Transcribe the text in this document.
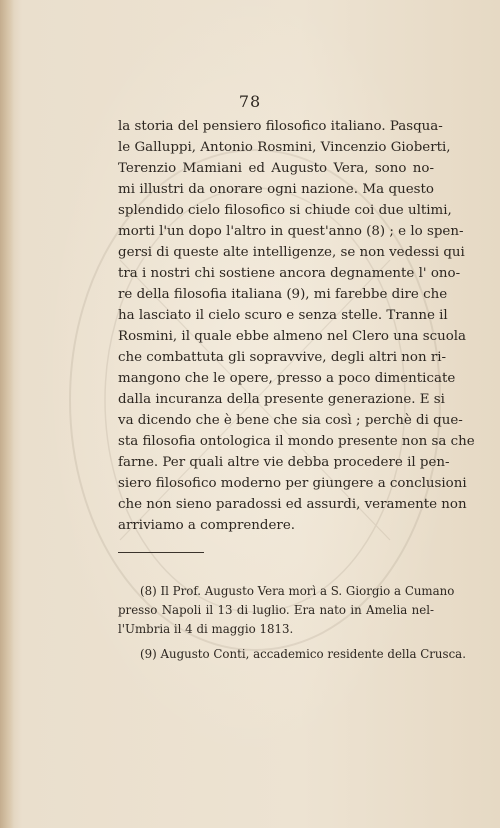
78
la storia del pensiero filosofico italiano. Pasqua-
le Galluppi, Antonio Rosmini, Vincenzio Gioberti,
Terenzio Mamiani ed Augusto Vera, sono no-
mi illustri da onorare ogni nazione. Ma questo
splendido cielo filosofico si chiude coi due ultimi,
morti l'un dopo l'altro in quest'anno (8) ; e lo spen-
gersi di queste alte intelligenze, se non vedessi qui
tra i nostri chi sostiene ancora degnamente l' ono-
re della filosofia italiana (9), mi farebbe dire che
ha lasciato il cielo scuro e senza stelle. Tranne il
Rosmini, il quale ebbe almeno nel Clero una scuola
che combattuta gli sopravvive, degli altri non ri-
mangono che le opere, presso a poco dimenticate
dalla incuranza della presente generazione. E si
va dicendo che è bene che sia così ; perchè di que-
sta filosofia ontologica il mondo presente non sa che
farne. Per quali altre vie debba procedere il pen-
siero filosofico moderno per giungere a conclusioni
che non sieno paradossi ed assurdi, veramente non
arriviamo a comprendere.
(8) Il Prof. Augusto Vera morì a S. Giorgio a Cumano
presso Napoli il 13 di luglio. Era nato in Amelia nel-
l'Umbria il 4 di maggio 1813.
(9) Augusto Conti, accademico residente della Crusca.
